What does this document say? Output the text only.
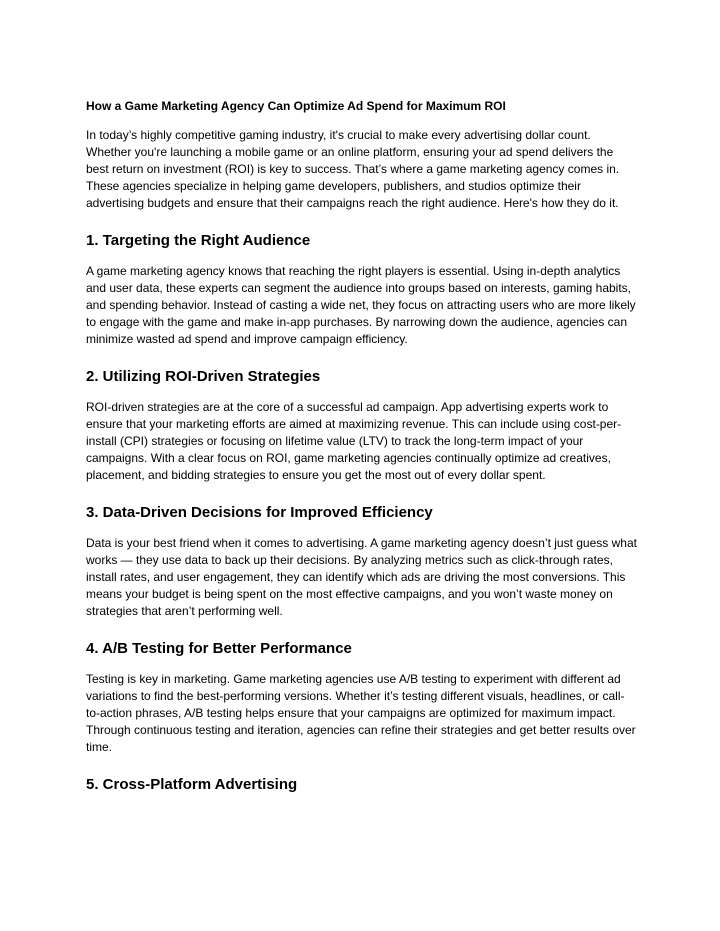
How a Game Marketing Agency Can Optimize Ad Spend for Maximum ROI

In today’s highly competitive gaming industry, it's crucial to make every advertising dollar count. Whether you're launching a mobile game or an online platform, ensuring your ad spend delivers the best return on investment (ROI) is key to success. That’s where a game marketing agency comes in. These agencies specialize in helping game developers, publishers, and studios optimize their advertising budgets and ensure that their campaigns reach the right audience. Here's how they do it.

1. Targeting the Right Audience

A game marketing agency knows that reaching the right players is essential. Using in-depth analytics and user data, these experts can segment the audience into groups based on interests, gaming habits, and spending behavior. Instead of casting a wide net, they focus on attracting users who are more likely to engage with the game and make in-app purchases. By narrowing down the audience, agencies can minimize wasted ad spend and improve campaign efficiency.

2. Utilizing ROI-Driven Strategies

ROI-driven strategies are at the core of a successful ad campaign. App advertising experts work to ensure that your marketing efforts are aimed at maximizing revenue. This can include using cost-per-install (CPI) strategies or focusing on lifetime value (LTV) to track the long-term impact of your campaigns. With a clear focus on ROI, game marketing agencies continually optimize ad creatives, placement, and bidding strategies to ensure you get the most out of every dollar spent.

3. Data-Driven Decisions for Improved Efficiency

Data is your best friend when it comes to advertising. A game marketing agency doesn’t just guess what works — they use data to back up their decisions. By analyzing metrics such as click-through rates, install rates, and user engagement, they can identify which ads are driving the most conversions. This means your budget is being spent on the most effective campaigns, and you won’t waste money on strategies that aren’t performing well.

4. A/B Testing for Better Performance

Testing is key in marketing. Game marketing agencies use A/B testing to experiment with different ad variations to find the best-performing versions. Whether it’s testing different visuals, headlines, or call-to-action phrases, A/B testing helps ensure that your campaigns are optimized for maximum impact. Through continuous testing and iteration, agencies can refine their strategies and get better results over time.

5. Cross-Platform Advertising
